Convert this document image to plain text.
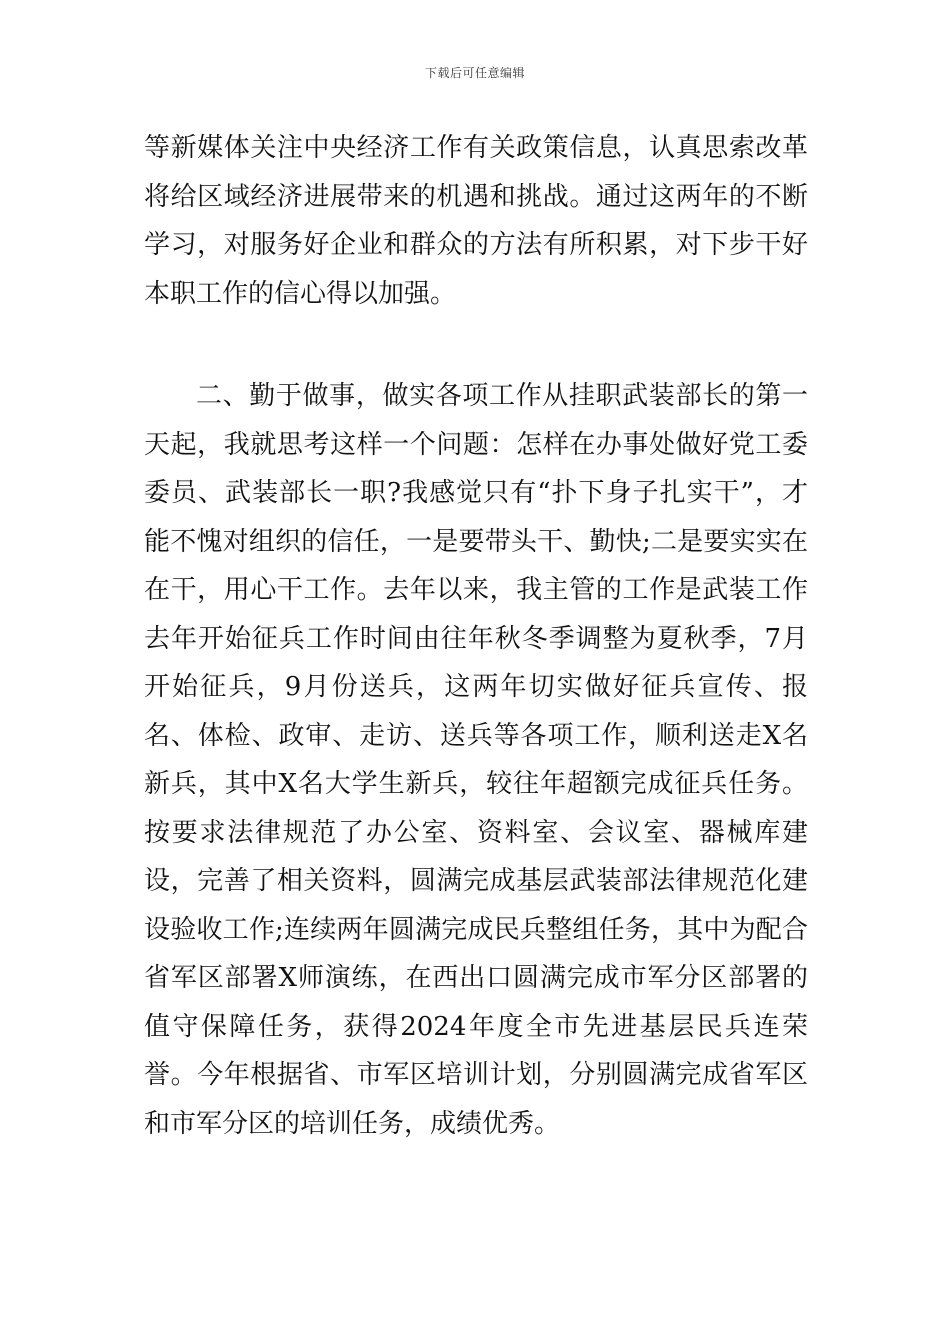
下载后可任意编辑

等新媒体关注中央经济工作有关政策信息，认真思索改革将给区域经济进展带来的机遇和挑战。通过这两年的不断学习，对服务好企业和群众的方法有所积累，对下步干好本职工作的信心得以加强。

二、勤于做事，做实各项工作从挂职武装部长的第一天起，我就思考这样一个问题：怎样在办事处做好党工委委员、武装部长一职?我感觉只有“扑下身子扎实干”，才能不愧对组织的信任，一是要带头干、勤快;二是要实实在在干，用心干工作。去年以来，我主管的工作是武装工作去年开始征兵工作时间由往年秋冬季调整为夏秋季，7月开始征兵，9月份送兵，这两年切实做好征兵宣传、报名、体检、政审、走访、送兵等各项工作，顺利送走X名新兵，其中X名大学生新兵，较往年超额完成征兵任务。按要求法律规范了办公室、资料室、会议室、器械库建设，完善了相关资料，圆满完成基层武装部法律规范化建设验收工作;连续两年圆满完成民兵整组任务，其中为配合省军区部署X师演练，在西出口圆满完成市军分区部署的值守保障任务，获得2024年度全市先进基层民兵连荣誉。今年根据省、市军区培训计划，分别圆满完成省军区和市军分区的培训任务，成绩优秀。
